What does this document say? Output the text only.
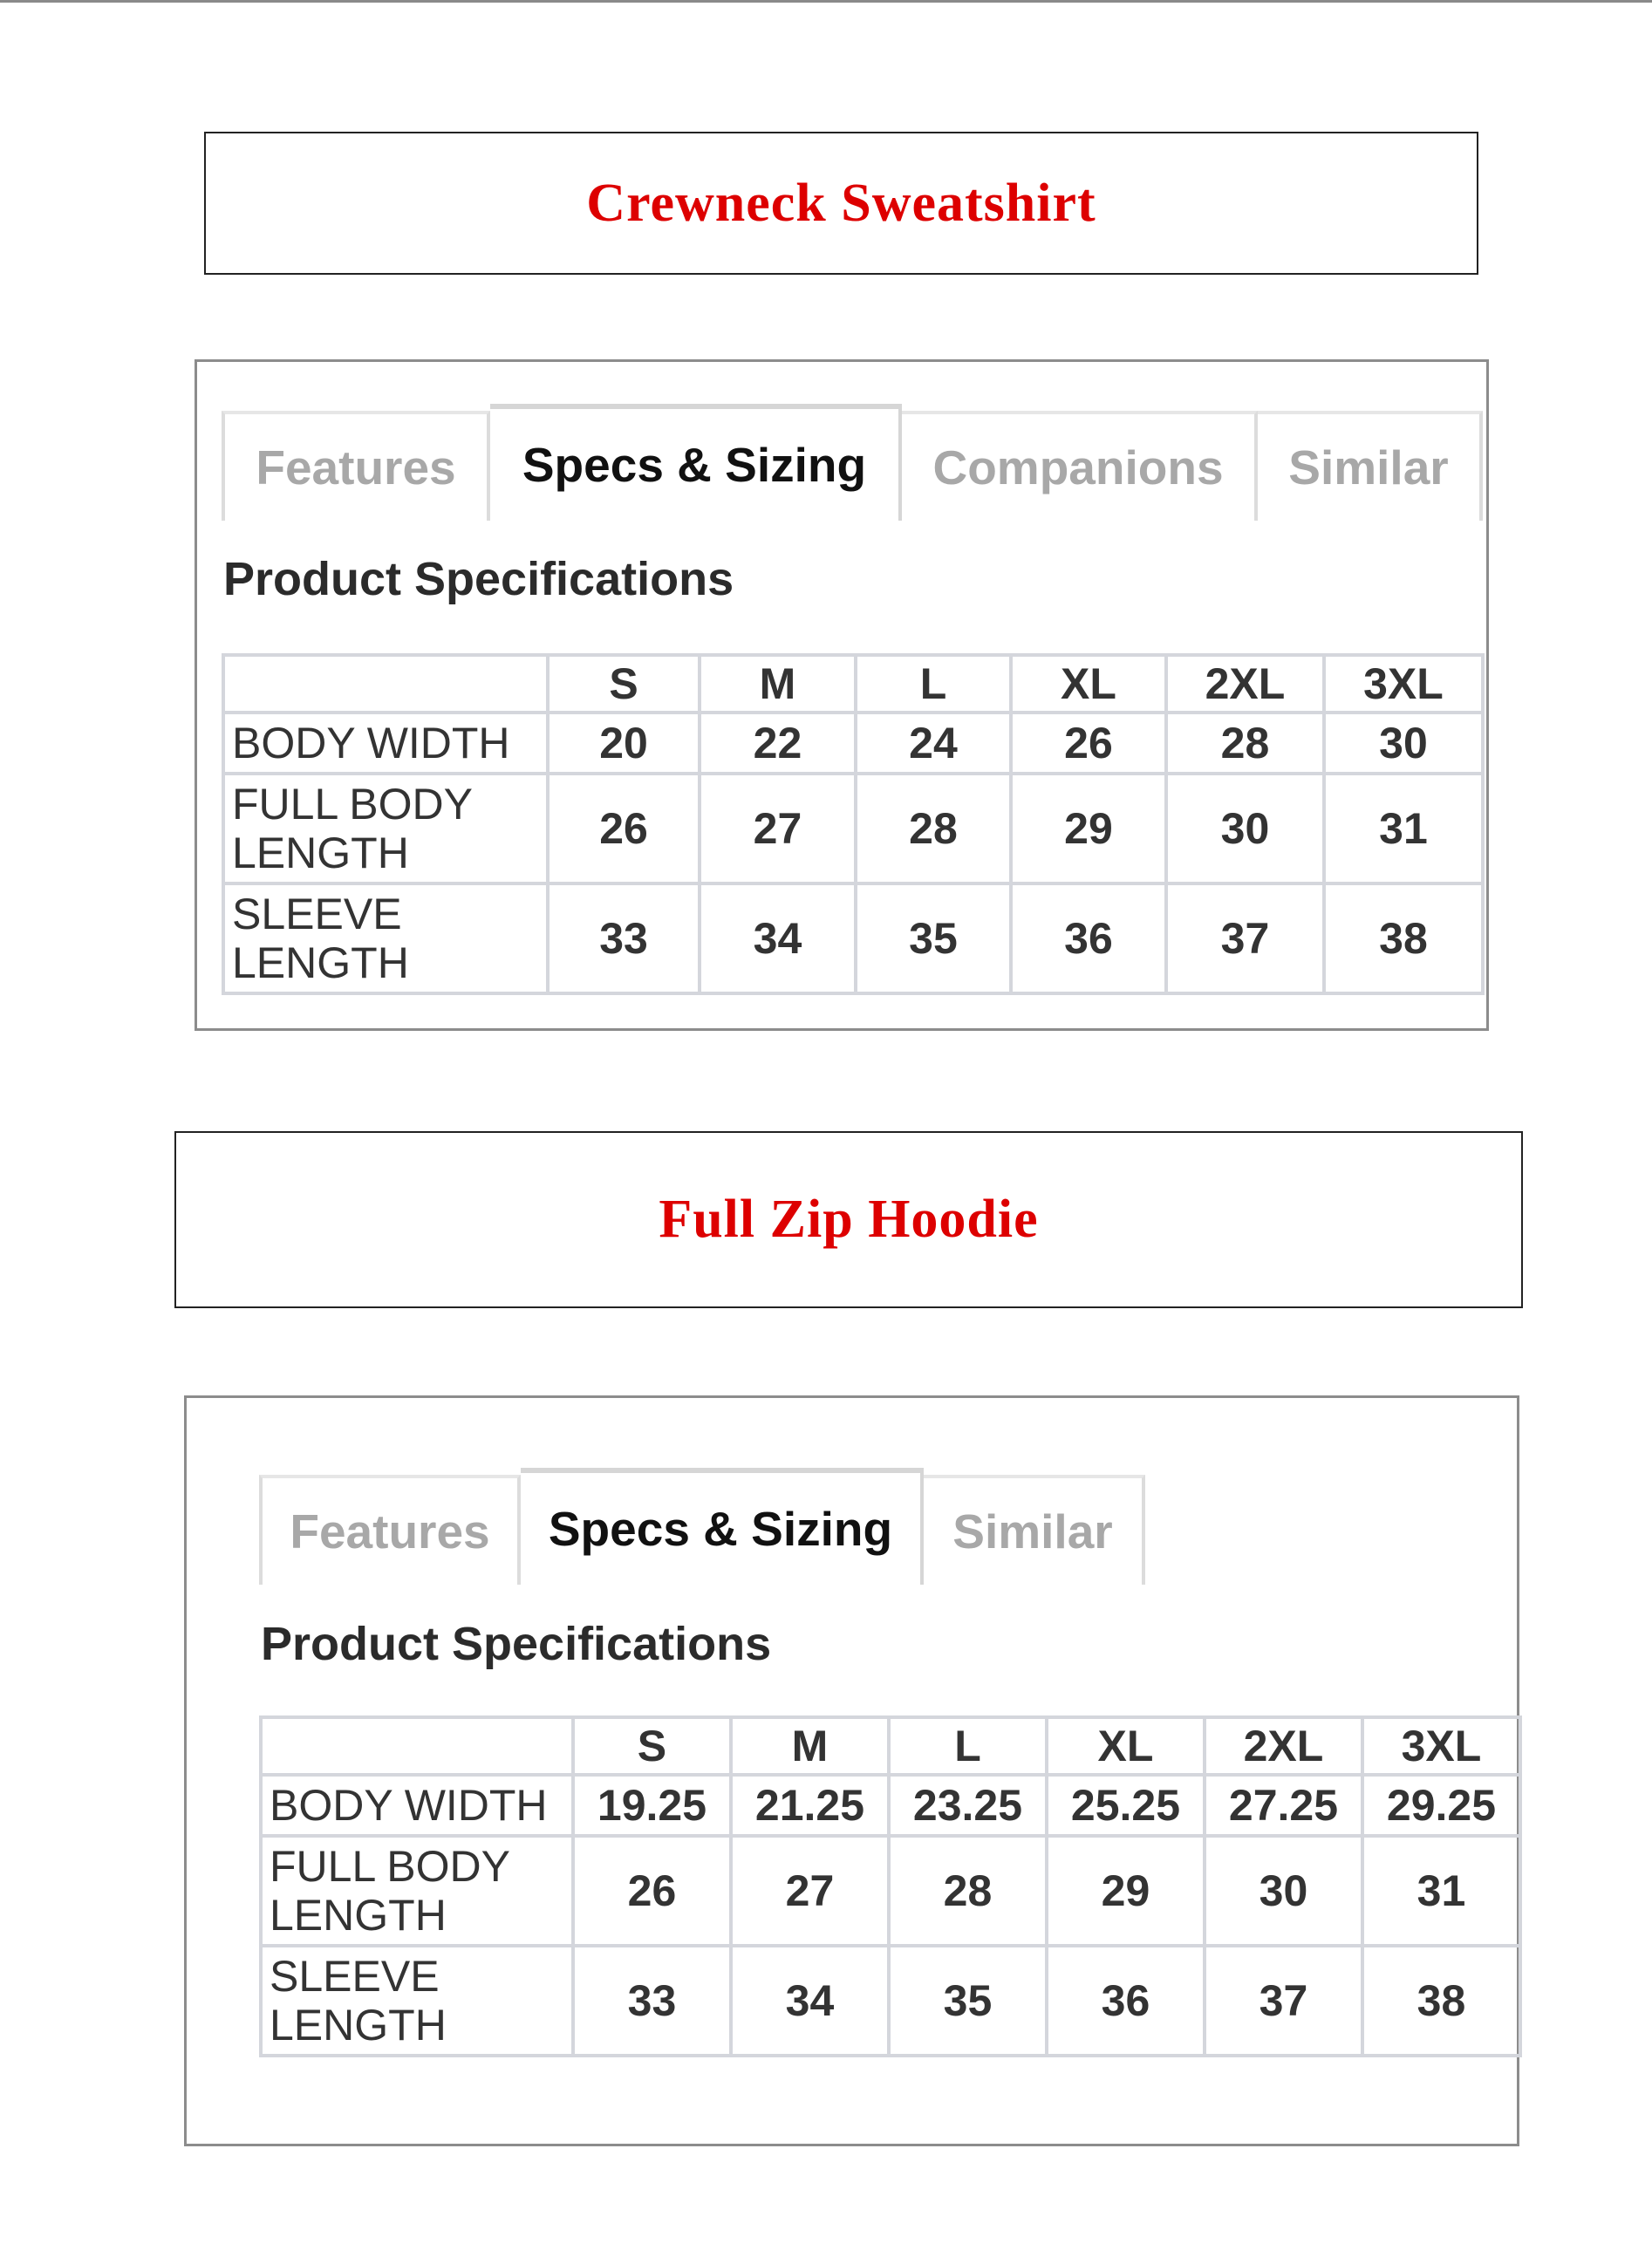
Crewneck Sweatshirt
Features	Specs & Sizing	Companions	Similar
Product Specifications
	S	M	L	XL	2XL	3XL
BODY WIDTH	20	22	24	26	28	30
FULL BODY LENGTH	26	27	28	29	30	31
SLEEVE LENGTH	33	34	35	36	37	38
Full Zip Hoodie
Features	Specs & Sizing	Similar
Product Specifications
	S	M	L	XL	2XL	3XL
BODY WIDTH	19.25	21.25	23.25	25.25	27.25	29.25
FULL BODY LENGTH	26	27	28	29	30	31
SLEEVE LENGTH	33	34	35	36	37	38
